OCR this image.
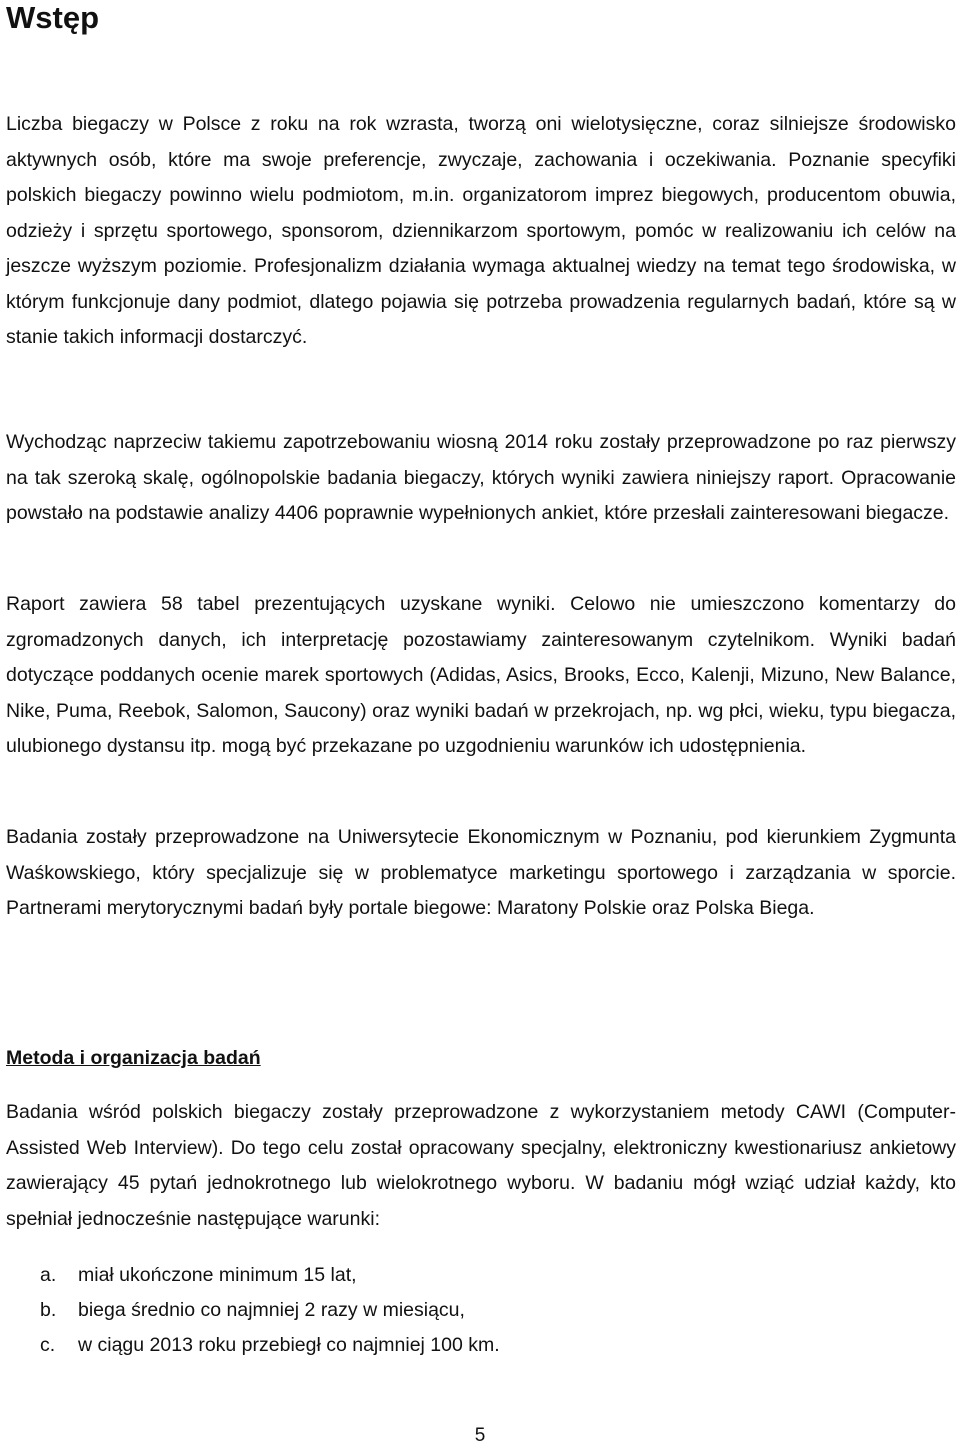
Wstęp

Liczba biegaczy w Polsce z roku na rok wzrasta, tworzą oni wielotysięczne, coraz silniejsze środowisko aktywnych osób, które ma swoje preferencje, zwyczaje, zachowania i oczekiwania. Poznanie specyfiki polskich biegaczy powinno wielu podmiotom, m.in. organizatorom imprez biegowych, producentom obuwia, odzieży i sprzętu sportowego, sponsorom, dziennikarzom sportowym, pomóc w realizowaniu ich celów na jeszcze wyższym poziomie. Profesjonalizm działania wymaga aktualnej wiedzy na temat tego środowiska, w którym funkcjonuje dany podmiot, dlatego pojawia się potrzeba prowadzenia regularnych badań, które są w stanie takich informacji dostarczyć.

Wychodząc naprzeciw takiemu zapotrzebowaniu wiosną 2014 roku zostały przeprowadzone po raz pierwszy na tak szeroką skalę, ogólnopolskie badania biegaczy, których wyniki zawiera niniejszy raport. Opracowanie powstało na podstawie analizy 4406 poprawnie wypełnionych ankiet, które przesłali zainteresowani biegacze.

Raport zawiera 58 tabel prezentujących uzyskane wyniki. Celowo nie umieszczono komentarzy do zgromadzonych danych, ich interpretację pozostawiamy zainteresowanym czytelnikom. Wyniki badań dotyczące poddanych ocenie marek sportowych (Adidas, Asics, Brooks, Ecco, Kalenji, Mizuno, New Balance, Nike, Puma, Reebok, Salomon, Saucony) oraz wyniki badań w przekrojach, np. wg płci, wieku, typu biegacza, ulubionego dystansu itp. mogą być przekazane po uzgodnieniu warunków ich udostępnienia.

Badania zostały przeprowadzone na Uniwersytecie Ekonomicznym w Poznaniu, pod kierunkiem Zygmunta Waśkowskiego, który specjalizuje się w problematyce marketingu sportowego i zarządzania w sporcie. Partnerami merytorycznymi badań były portale biegowe: Maratony Polskie oraz Polska Biega.

Metoda i organizacja badań

Badania wśród polskich biegaczy zostały przeprowadzone z wykorzystaniem metody CAWI (Computer-Assisted Web Interview). Do tego celu został opracowany specjalny, elektroniczny kwestionariusz ankietowy zawierający 45 pytań jednokrotnego lub wielokrotnego wyboru. W badaniu mógł wziąć udział każdy, kto spełniał jednocześnie następujące warunki:

a.	miał ukończone minimum 15 lat,
b.	biega średnio co najmniej 2 razy w miesiącu,
c.	w ciągu 2013 roku przebiegł co najmniej 100 km.
5
